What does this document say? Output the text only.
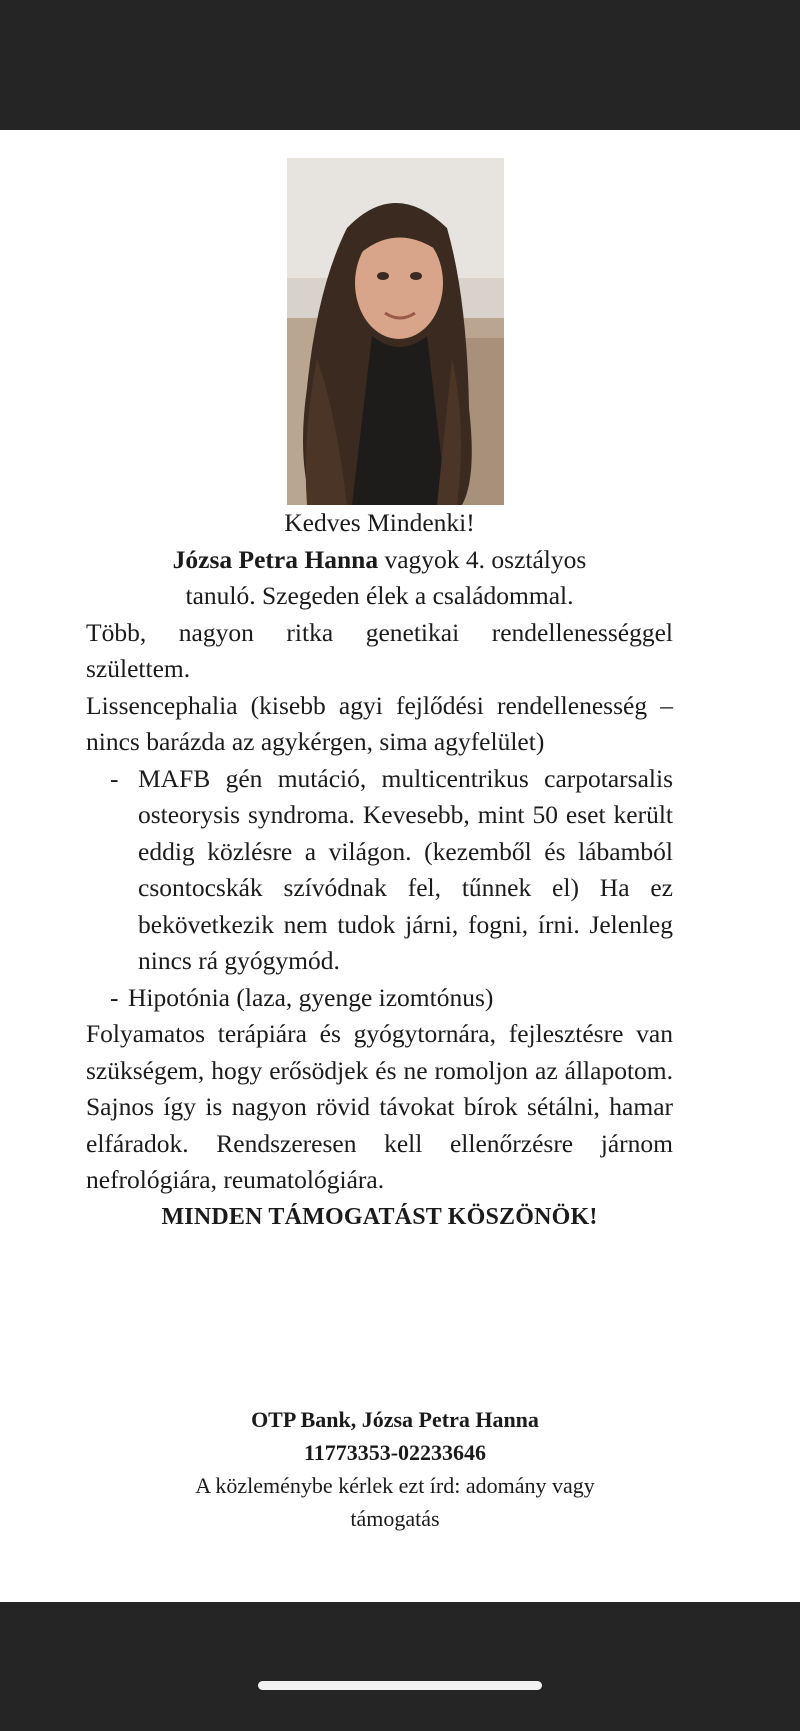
Kedves Mindenki!
Józsa Petra Hanna vagyok 4. osztályos
tanuló. Szegeden élek a családommal.
Több, nagyon ritka genetikai rendellenességgel születtem.
Lissencephalia (kisebb agyi fejlődési rendellenesség – nincs barázda az agykérgen, sima agyfelület)
- MAFB gén mutáció, multicentrikus carpotarsalis osteorysis syndroma. Kevesebb, mint 50 eset került eddig közlésre a világon. (kezemből és lábamból csontocskák szívódnak fel, tűnnek el) Ha ez bekövetkezik nem tudok járni, fogni, írni. Jelenleg nincs rá gyógymód.
- Hipotónia (laza, gyenge izomtónus)
Folyamatos terápiára és gyógytornára, fejlesztésre van szükségem, hogy erősödjek és ne romoljon az állapotom. Sajnos így is nagyon rövid távokat bírok sétálni, hamar elfáradok. Rendszeresen kell ellenőrzésre járnom nefrológiára, reumatológiára.
MINDEN TÁMOGATÁST KÖSZÖNÖK!
OTP Bank, Józsa Petra Hanna
11773353-02233646
A közleménybe kérlek ezt írd: adomány vagy
támogatás
